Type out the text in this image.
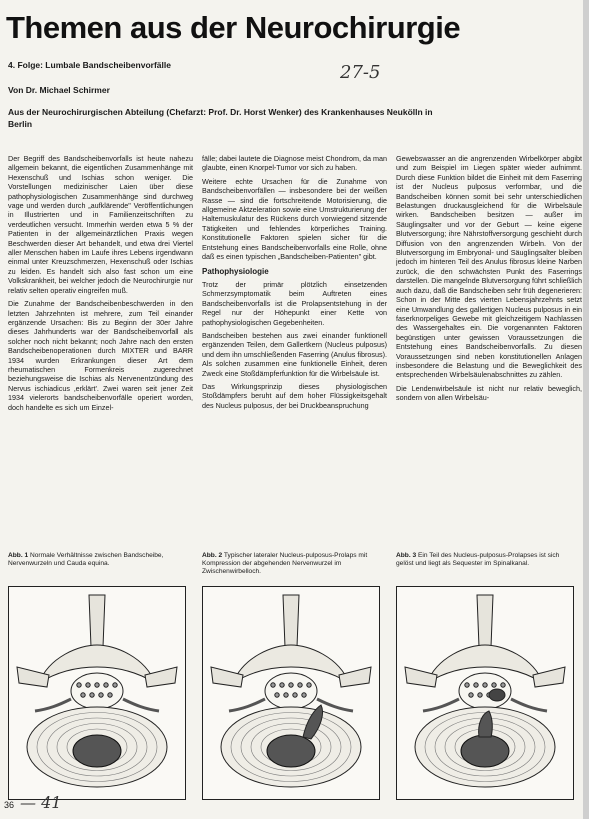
Themen aus der Neurochirurgie
4. Folge: Lumbale Bandscheibenvorfälle	27-5
Von Dr. Michael Schirmer
Aus der Neurochirurgischen Abteilung (Chefarzt: Prof. Dr. Horst Wenker) des Krankenhauses Neukölln in Berlin

Der Begriff des Bandscheibenvorfalls ist heute nahezu allgemein bekannt, die eigentlichen Zusammenhänge mit Hexenschuß und Ischias schon weniger. Die Vorstellungen medizinischer Laien über diese pathophysiologischen Zusammenhänge sind durchweg vage und werden durch „aufklärende" Veröffentlichungen in Illustrierten und in Familienzeitschriften zu verdeutlichen versucht. Immerhin werden etwa 5 % der Patienten in der allgemeinärztlichen Praxis wegen Beschwerden dieser Art behandelt, und etwa drei Viertel aller Menschen haben im Laufe ihres Lebens irgendwann einmal unter Kreuzschmerzen, Hexenschuß oder Ischias zu leiden. Es handelt sich also fast schon um eine Volkskrankheit, bei welcher jedoch die Neurochirurgie nur relativ selten operativ eingreifen muß.

Die Zunahme der Bandscheibenbeschwerden in den letzten Jahrzehnten ist mehrere, zum Teil einander ergänzende Ursachen: Bis zu Beginn der 30er Jahre dieses Jahrhunderts war der Bandscheibenvorfall als solcher noch nicht bekannt; noch Jahre nach den ersten Bandscheibenoperationen durch MIXTER und BARR 1934 wurden Erkrankungen dieser Art dem rheumatischen Formenkreis zugerechnet beziehungsweise die Ischias als Nervenentzündung des Nervus ischiadicus ‚erklärt'. Zwei waren seit jener Zeit 1934 vielerorts bandscheibenvorfälle operiert worden, doch handelte es sich um Einzel-

fälle; dabei lautete die Diagnose meist Chondrom, da man glaubte, einen Knorpel-Tumor vor sich zu haben.

Weitere echte Ursachen für die Zunahme von Bandscheibenvorfällen — insbesondere bei der weißen Rasse — sind die fortschreitende Motorisierung, die allgemeine Aktzeleration sowie eine Umstrukturierung der Haltemuskulatur des Rückens durch vorwiegend sitzende Tätigkeiten und fehlendes körperliches Training. Konstitutionelle Faktoren spielen sicher für die Entstehung eines Bandscheibenvorfalls eine Rolle, ohne daß es einen typischen „Bandscheiben-Patienten" gibt.

Pathophysiologie

Trotz der primär plötzlich einsetzenden Schmerzsymptomatik beim Auftreten eines Bandscheibenvorfalls ist die Prolapsentstehung in der Regel nur der Höhepunkt einer Kette von pathophysiologischen Gegebenheiten.

Bandscheiben bestehen aus zwei einander funktionell ergänzenden Teilen, dem Gallertkern (Nucleus pulposus) und dem ihn umschließenden Faserring (Anulus fibrosus). Als solchen zusammen eine funktionelle Einheit, deren Zweck eine Stoßdämpferfunktion für die Wirbelsäule ist.

Das Wirkungsprinzip dieses physiologischen Stoßdämpfers beruht auf dem hoher Flüssigkeitsgehalt des Nucleus pulposus, der bei Druckbeanspruchung

Gewebswasser an die angrenzenden Wirbelkörper abgibt und zum Beispiel im Liegen später wieder aufnimmt. Durch diese Funktion bildet die Einheit mit dem Faserring ist der Nucleus pulposus verformbar, und die Bandscheiben können somit bei sehr unterschiedlichen Belastungen druckausgleichend für die Wirbelsäule wirken. Bandscheiben besitzen — außer im Säuglingsalter und vor der Geburt — keine eigene Blutversorgung; ihre Nährstoffversorgung geschieht durch Diffusion von den angrenzenden Wirbeln. Von der Blutversorgung im Embryonal- und Säuglingsalter bleiben jedoch im hinteren Teil des Anulus fibrosus kleine Narben zurück, die den schwächsten Punkt des Faserrings darstellen. Die mangelnde Blutversorgung führt schließlich auch dazu, daß die Bandscheiben sehr früh degenerieren: Schon in der Mitte des vierten Lebensjahrzehnts setzt eine Umwandlung des gallertigen Nucleus pulposus in ein faserknorpeliges Gewebe mit gleichzeitigem Nachlassen des Wassergehaltes ein. Die vorgenannten Faktoren begünstigen unter gewissen Voraussetzungen die Entstehung eines Bandscheibenvorfalls. Zu diesen Voraussetzungen sind neben konstitutionellen Anlagen insbesondere die Belastung und die Beweglichkeit des entsprechenden Wirbelsäulenabschnittes zu zählen.

Die Lendenwirbelsäule ist nicht nur relativ beweglich, sondern von allen Wirbelsäu-

Abb. 1 Normale Verhältnisse zwischen Bandscheibe, Nervenwurzeln und Cauda equina.
Abb. 2 Typischer lateraler Nucleus-pulposus-Prolaps mit Kompression der abgehenden Nervenwurzel im Zwischenwirbelloch.
Abb. 3 Ein Teil des Nucleus-pulposus-Prolapses ist sich gelöst und liegt als Sequester im Spinalkanal.
36 — 41
